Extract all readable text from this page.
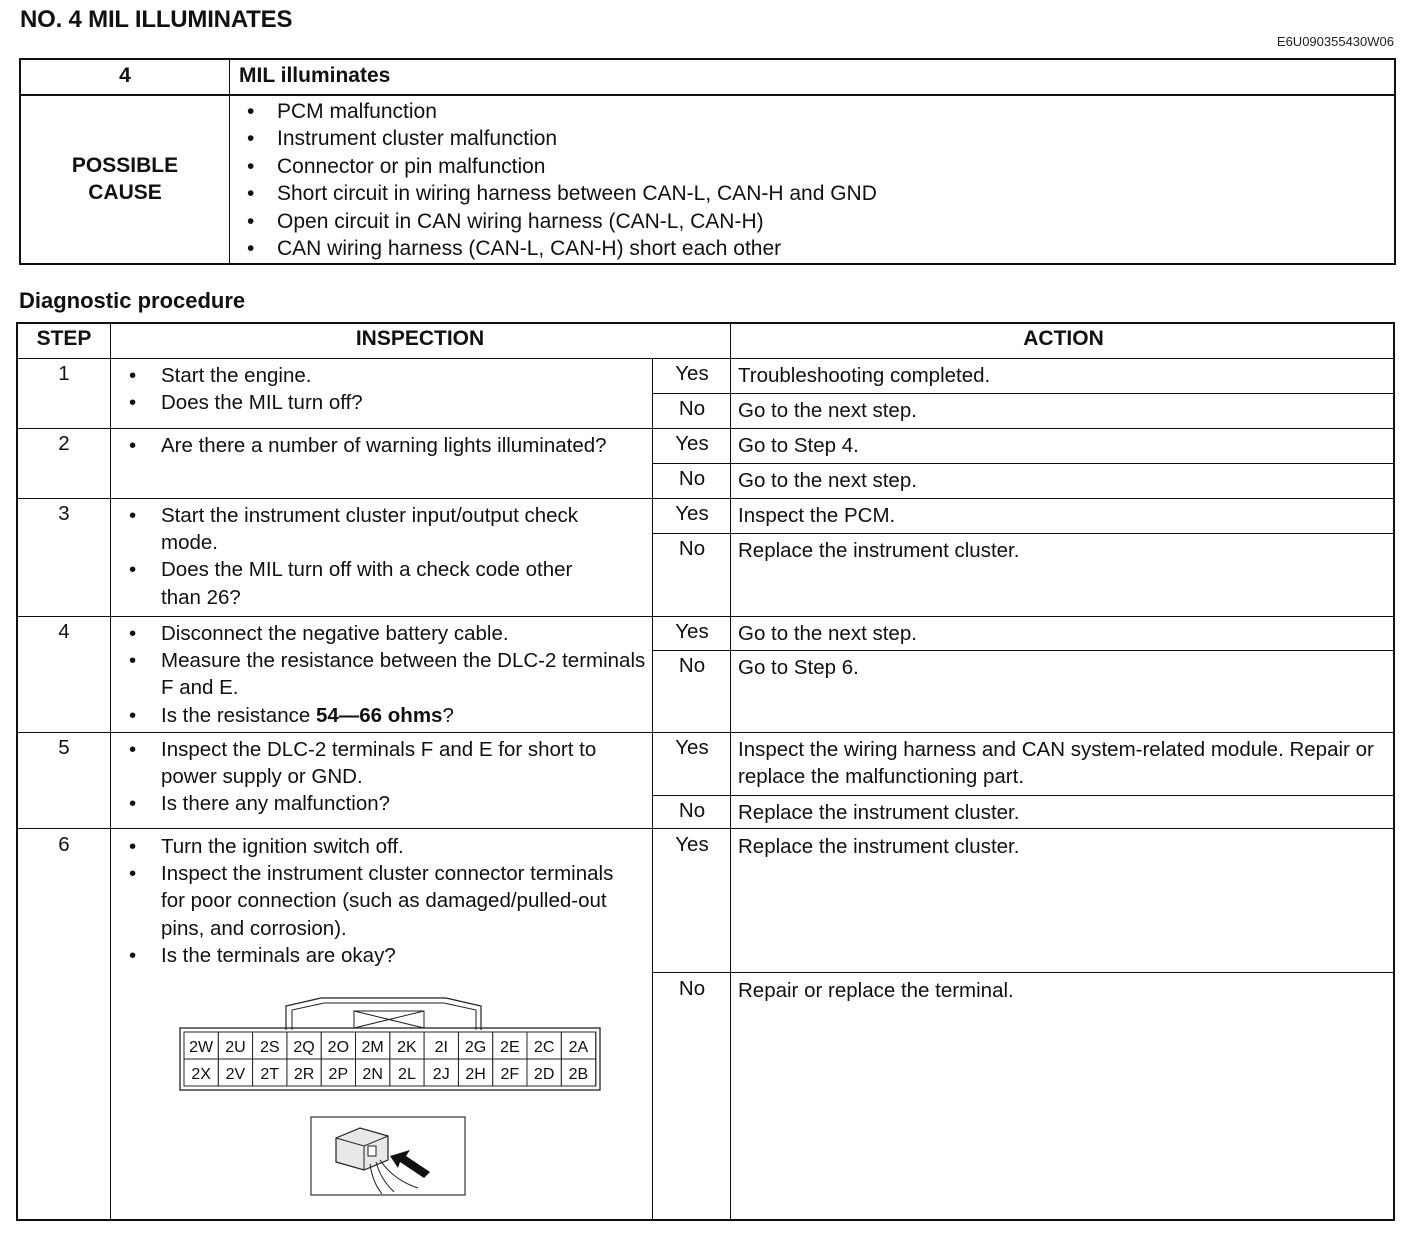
NO. 4 MIL ILLUMINATES
E6U090355430W06
4	MIL illuminates
POSSIBLE CAUSE
• PCM malfunction
• Instrument cluster malfunction
• Connector or pin malfunction
• Short circuit in wiring harness between CAN-L, CAN-H and GND
• Open circuit in CAN wiring harness (CAN-L, CAN-H)
• CAN wiring harness (CAN-L, CAN-H) short each other
Diagnostic procedure
STEP	INSPECTION	ACTION
1	•	Start the engine.
•	Does the MIL turn off?
Yes	Troubleshooting completed.
No	Go to the next step.
2	•	Are there a number of warning lights illuminated?	Yes	Go to Step 4.
No	Go to the next step.
3	•	Start the instrument cluster input/output check mode.
•	Does the MIL turn off with a check code other than 26?
Yes	Inspect the PCM.
No	Replace the instrument cluster.
4	•	Disconnect the negative battery cable.
•	Measure the resistance between the DLC-2 terminals F and E.
•	Is the resistance 54—66 ohms?
Yes	Go to the next step.
No	Go to Step 6.
5	•	Inspect the DLC-2 terminals F and E for short to power supply or GND.
•	Is there any malfunction?
Yes	Inspect the wiring harness and CAN system-related module. Repair or replace the malfunctioning part.
No	Replace the instrument cluster.
6	•	Turn the ignition switch off.
•	Inspect the instrument cluster connector terminals for poor connection (such as damaged/pulled-out pins, and corrosion).
•	Is the terminals are okay?
Yes	Replace the instrument cluster.
No	Repair or replace the terminal.
2W 2U 2S 2Q 2O 2M 2K 2I 2G 2E 2C 2A
2X 2V 2T 2R 2P 2N 2L 2J 2H 2F 2D 2B
